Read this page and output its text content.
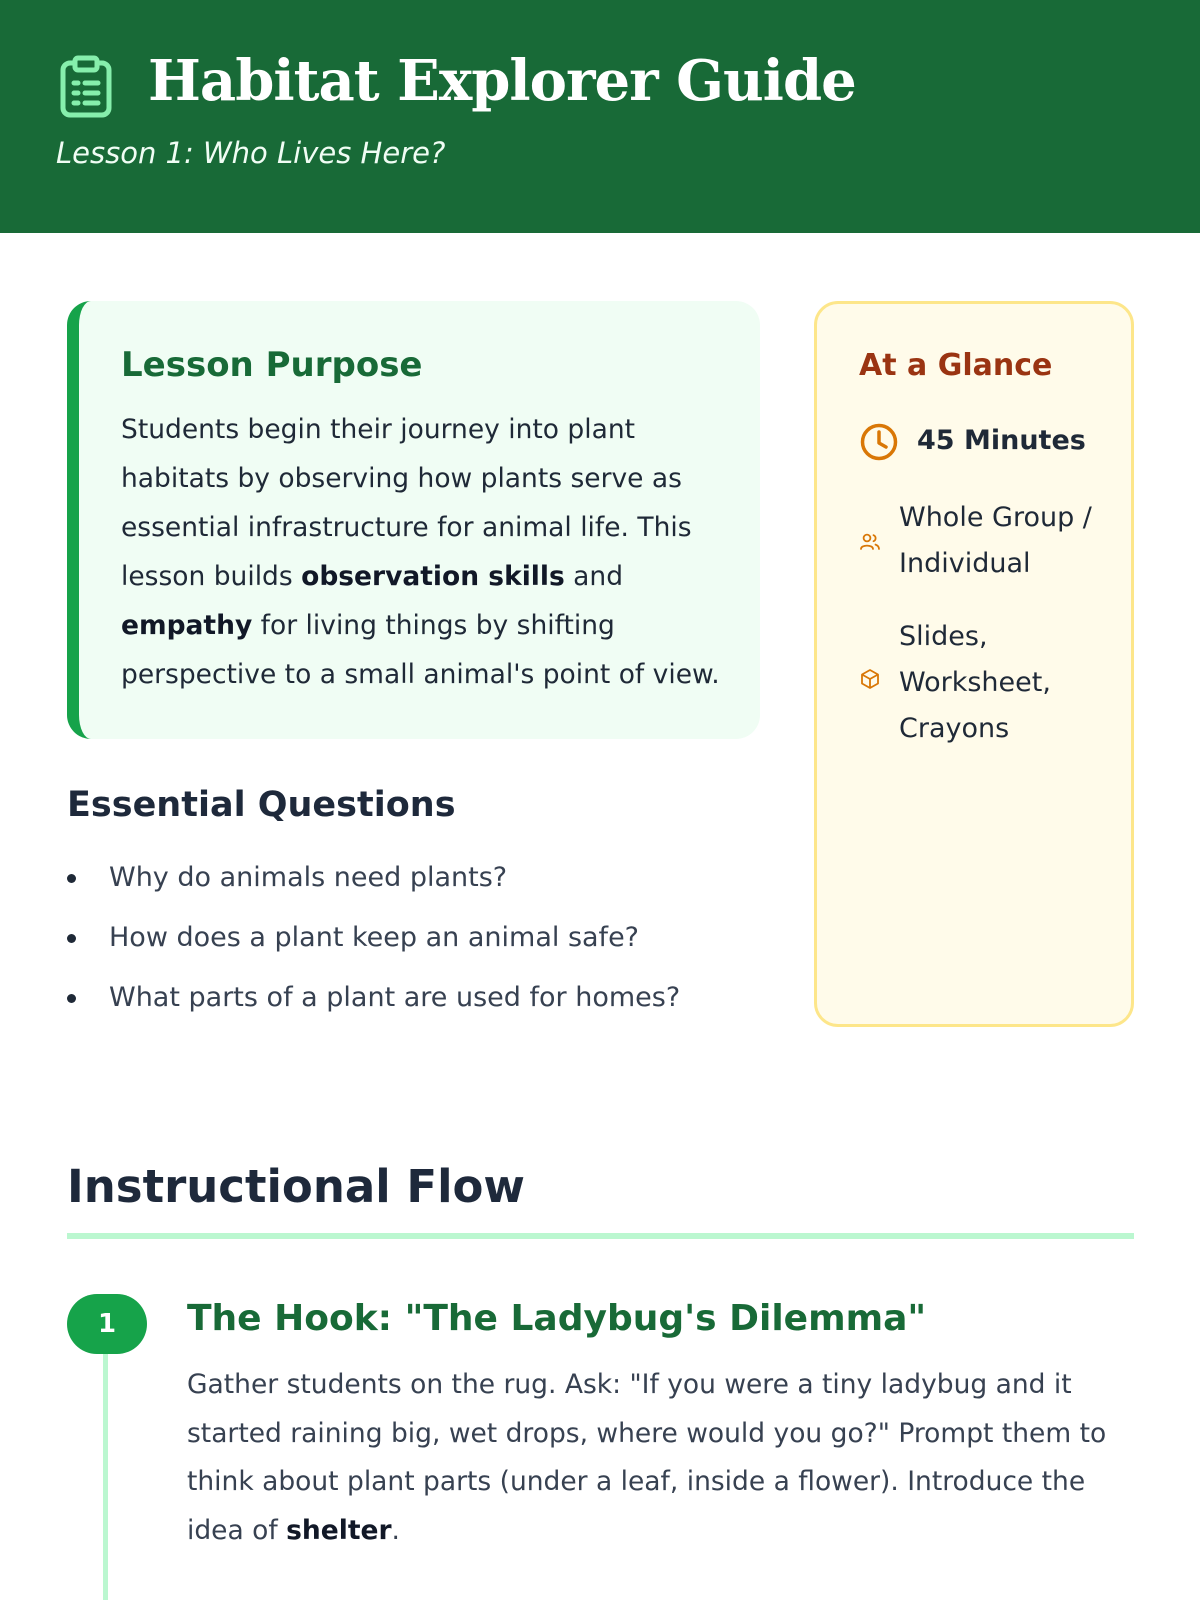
Habitat Explorer Guide
Lesson 1: Who Lives Here?
Lesson Purpose
Students begin their journey into plant habitats by observing how plants serve as essential infrastructure for animal life. This lesson builds observation skills and empathy for living things by shifting perspective to a small animal's point of view.
Essential Questions
Why do animals need plants?
How does a plant keep an animal safe?
What parts of a plant are used for homes?
At a Glance
45 Minutes
Whole Group / Individual
Slides, Worksheet, Crayons
Instructional Flow
1	The Hook: "The Ladybug's Dilemma"
Gather students on the rug. Ask: "If you were a tiny ladybug and it started raining big, wet drops, where would you go?" Prompt them to think about plant parts (under a leaf, inside a flower). Introduce the idea of shelter.
